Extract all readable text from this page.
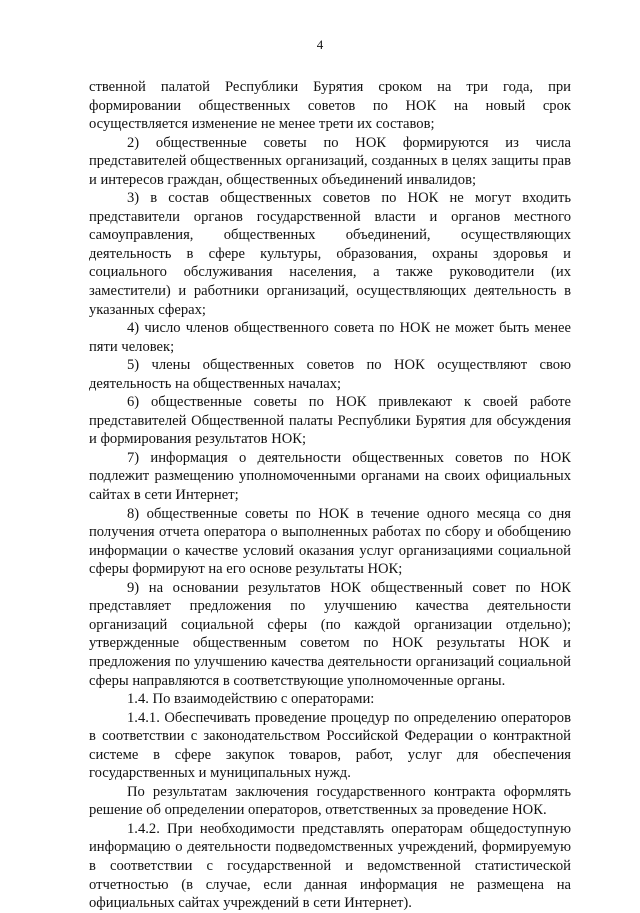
4

ственной палатой Республики Бурятия сроком на три года, при формировании общественных советов по НОК на новый срок осуществляется изменение не менее трети их составов;

2) общественные советы по НОК формируются из числа представителей общественных организаций, созданных в целях защиты прав и интересов граждан, общественных объединений инвалидов;

3) в состав общественных советов по НОК не могут входить представители органов государственной власти и органов местного самоуправления, общественных объединений, осуществляющих деятельность в сфере культуры, образования, охраны здоровья и социального обслуживания населения, а также руководители (их заместители) и работники организаций, осуществляющих деятельность в указанных сферах;

4) число членов общественного совета по НОК не может быть менее пяти человек;

5) члены общественных советов по НОК осуществляют свою деятельность на общественных началах;

6) общественные советы по НОК привлекают к своей работе представителей Общественной палаты Республики Бурятия для обсуждения и формирования результатов НОК;

7) информация о деятельности общественных советов по НОК подлежит размещению уполномоченными органами на своих официальных сайтах в сети Интернет;

8) общественные советы по НОК в течение одного месяца со дня получения отчета оператора о выполненных работах по сбору и обобщению информации о качестве условий оказания услуг организациями социальной сферы формируют на его основе результаты НОК;

9) на основании результатов НОК общественный совет по НОК представляет предложения по улучшению качества деятельности организаций социальной сферы (по каждой организации отдельно); утвержденные общественным советом по НОК результаты НОК и предложения по улучшению качества деятельности организаций социальной сферы направляются в соответствующие уполномоченные органы.

1.4. По взаимодействию с операторами:

1.4.1. Обеспечивать проведение процедур по определению операторов в соответствии с законодательством Российской Федерации о контрактной системе в сфере закупок товаров, работ, услуг для обеспечения государственных и муниципальных нужд.

По результатам заключения государственного контракта оформлять решение об определении операторов, ответственных за проведение НОК.

1.4.2. При необходимости представлять операторам общедоступную информацию о деятельности подведомственных учреждений, формируемую в соответствии с государственной и ведомственной статистической отчетностью (в случае, если данная информация не размещена на официальных сайтах учреждений в сети Интернет).
